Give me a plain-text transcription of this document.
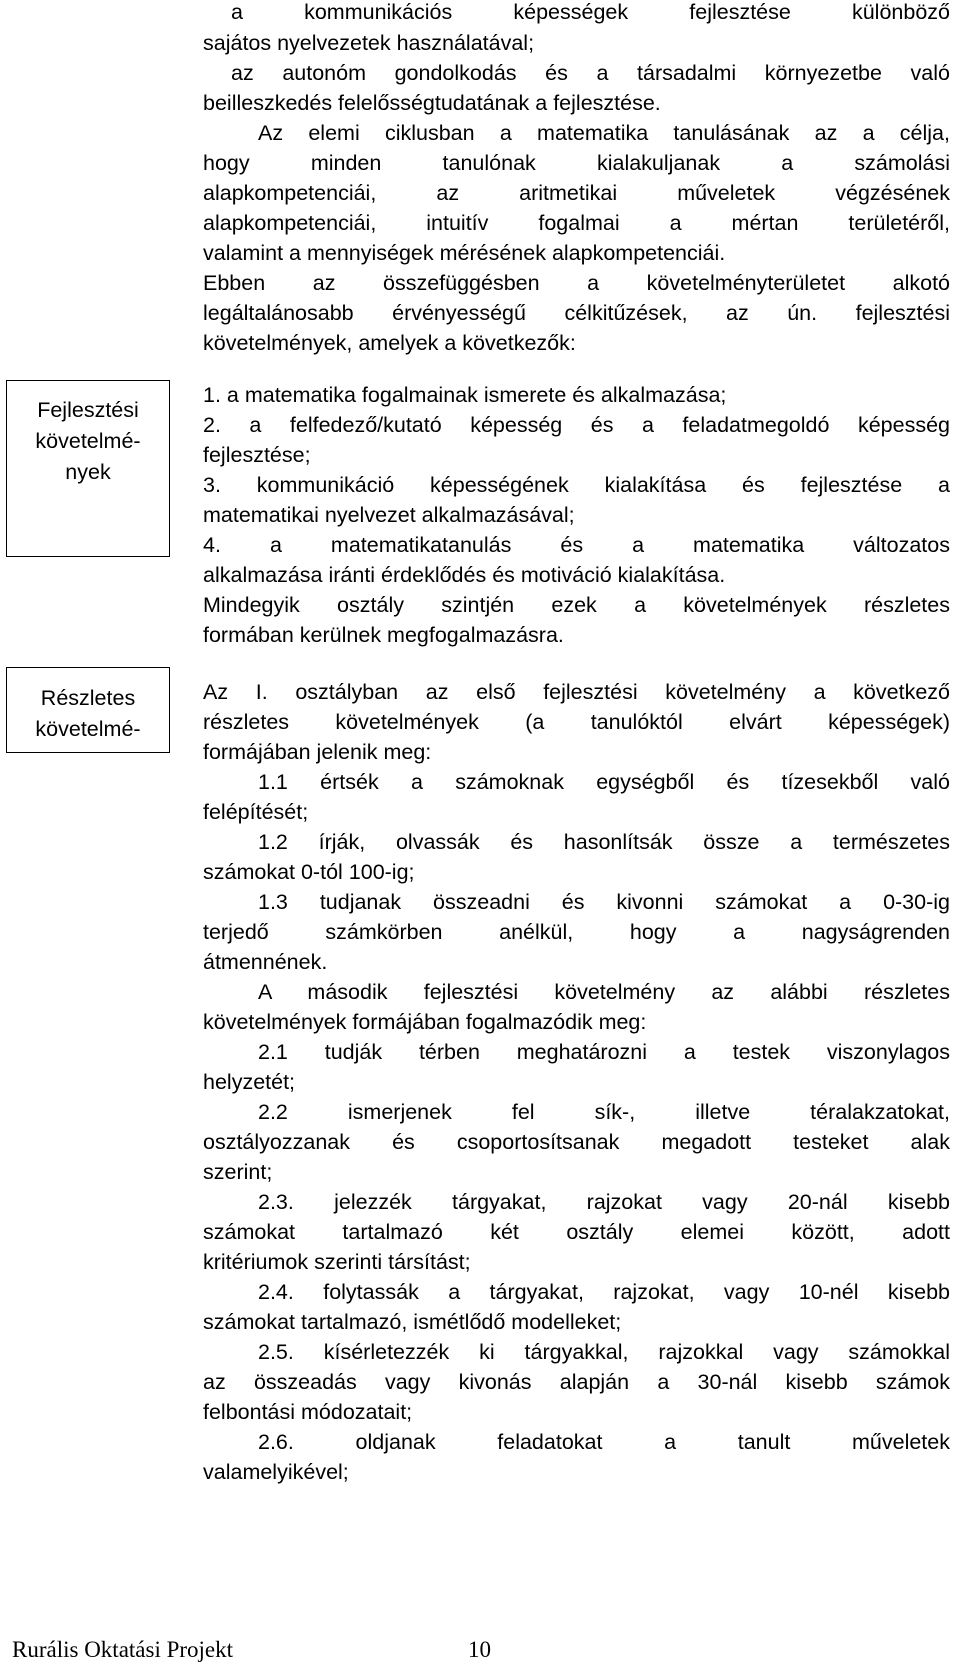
Fejlesztési
követelmé-
nyek
Részletes
követelmé-
a kommunikációs képességek fejlesztése különböző
sajátos nyelvezetek használatával;
az autonóm gondolkodás és a társadalmi környezetbe való
beilleszkedés felelősségtudatának a fejlesztése.
Az elemi ciklusban a matematika tanulásának az a célja,
hogy minden tanulónak kialakuljanak a számolási
alapkompetenciái, az aritmetikai műveletek végzésének
alapkompetenciái, intuitív fogalmai a mértan területéről,
valamint a mennyiségek mérésének alapkompetenciái.
Ebben az összefüggésben a követelményterületet alkotó
legáltalánosabb érvényességű célkitűzések, az ún. fejlesztési
követelmények, amelyek a következők:
1. a matematika fogalmainak ismerete és alkalmazása;
2. a felfedező/kutató képesség és a feladatmegoldó képesség
fejlesztése;
3. kommunikáció képességének kialakítása és fejlesztése a
matematikai nyelvezet alkalmazásával;
4. a matematikatanulás és a matematika változatos
alkalmazása iránti érdeklődés és motiváció kialakítása.
Mindegyik osztály szintjén ezek a követelmények részletes
formában kerülnek megfogalmazásra.
Az I. osztályban az első fejlesztési követelmény a következő
részletes követelmények (a tanulóktól elvárt képességek)
formájában jelenik meg:
1.1 értsék a számoknak egységből és tízesekből való
felépítését;
1.2 írják, olvassák és hasonlítsák össze a természetes
számokat 0-tól 100-ig;
1.3 tudjanak összeadni és kivonni számokat a 0-30-ig
terjedő számkörben anélkül, hogy a nagyságrenden
átmennének.
A második fejlesztési követelmény az alábbi részletes
követelmények formájában fogalmazódik meg:
2.1 tudják térben meghatározni a testek viszonylagos
helyzetét;
2.2 ismerjenek fel sík-, illetve téralakzatokat,
osztályozzanak és csoportosítsanak megadott testeket alak
szerint;
2.3. jelezzék tárgyakat, rajzokat vagy 20-nál kisebb
számokat tartalmazó két osztály elemei között, adott
kritériumok szerinti társítást;
2.4. folytassák a tárgyakat, rajzokat, vagy 10-nél kisebb
számokat tartalmazó, ismétlődő modelleket;
2.5. kísérletezzék ki tárgyakkal, rajzokkal vagy számokkal
az összeadás vagy kivonás alapján a 30-nál kisebb számok
felbontási módozatait;
2.6. oldjanak feladatokat a tanult műveletek
valamelyikével;
Rurális Oktatási Projekt	10
